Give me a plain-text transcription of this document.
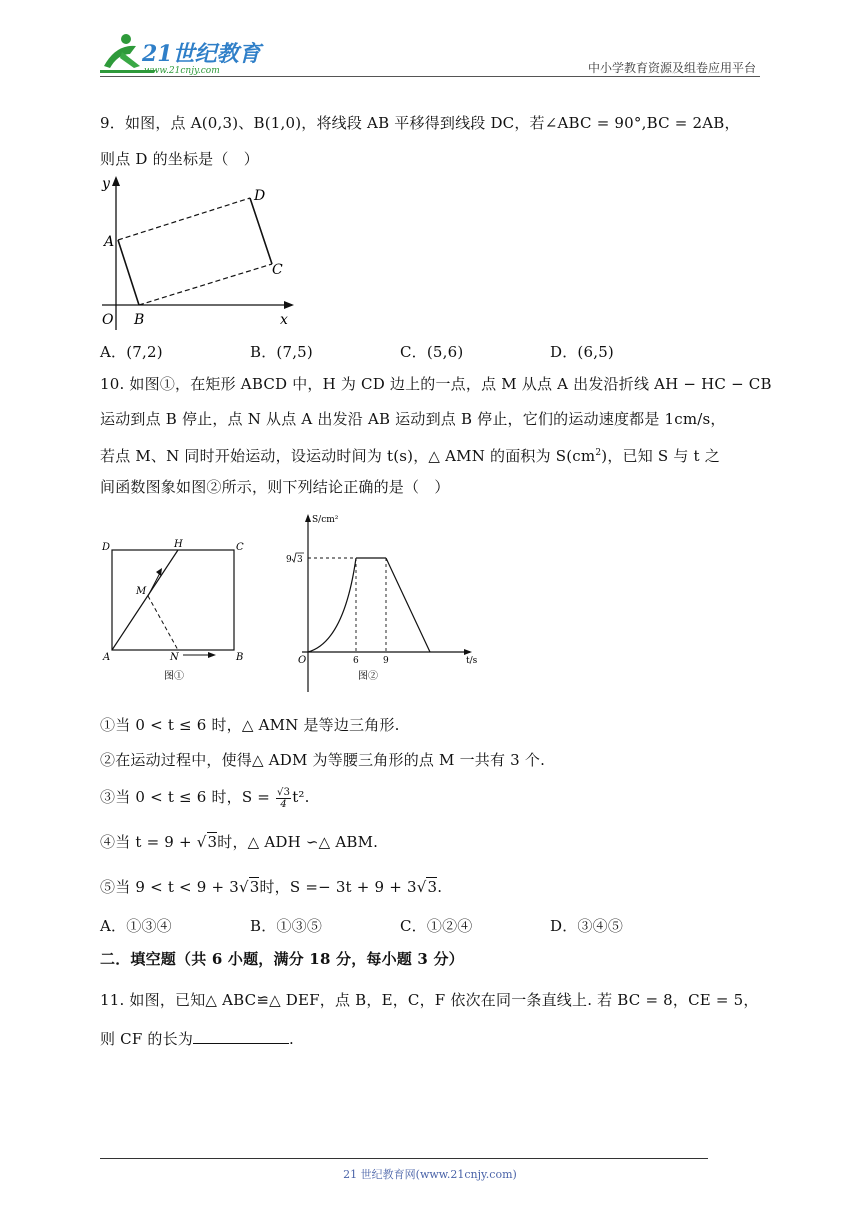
21世纪教育
www.21cnjy.com	中小学教育资源及组卷应用平台
9．如图，点 A(0,3)、B(1,0)，将线段 AB 平移得到线段 DC，若∠ABC = 90°,BC = 2AB，
则点 D 的坐标是（　）
y
x
O
A
B
C
D
A．(7,2)	B．(7,5)	C．(5,6)	D．(6,5)
10. 如图①，在矩形 ABCD 中，H 为 CD 边上的一点，点 M 从点 A 出发沿折线 AH − HC − CB
运动到点 B 停止，点 N 从点 A 出发沿 AB 运动到点 B 停止，它们的运动速度都是 1cm/s，
若点 M、N 同时开始运动，设运动时间为 t(s)，△ AMN 的面积为 $S(cm^2)$，已知 S 与 t 之
间函数图象如图②所示，则下列结论正确的是（　）
D	H	C
M
A	N	B
图①
S/cm²
9 3
O	6	9	t/s
图②
①当 0 < t ≤ 6 时，△ AMN 是等边三角形.
②在运动过程中，使得△ ADM 为等腰三角形的点 M 一共有 3 个.
③当 0 < t ≤ 6 时，$S = \frac{√3}{4} t^2$.
④当 t = 9 + √3时，△ ADH ∽△ ABM.
⑤当 9 < t < 9 + 3√3时，S =− 3t + 9 + 3√3.
A．①③④	B．①③⑤	C．①②④	D．③④⑤
二．填空题（共 6 小题，满分 18 分，每小题 3 分）
11. 如图，已知△ ABC≌△ DEF，点 B，E，C，F 依次在同一条直线上. 若 BC = 8，CE = 5，
则 CF 的长为	.
21 世纪教育网(www.21cnjy.com)
